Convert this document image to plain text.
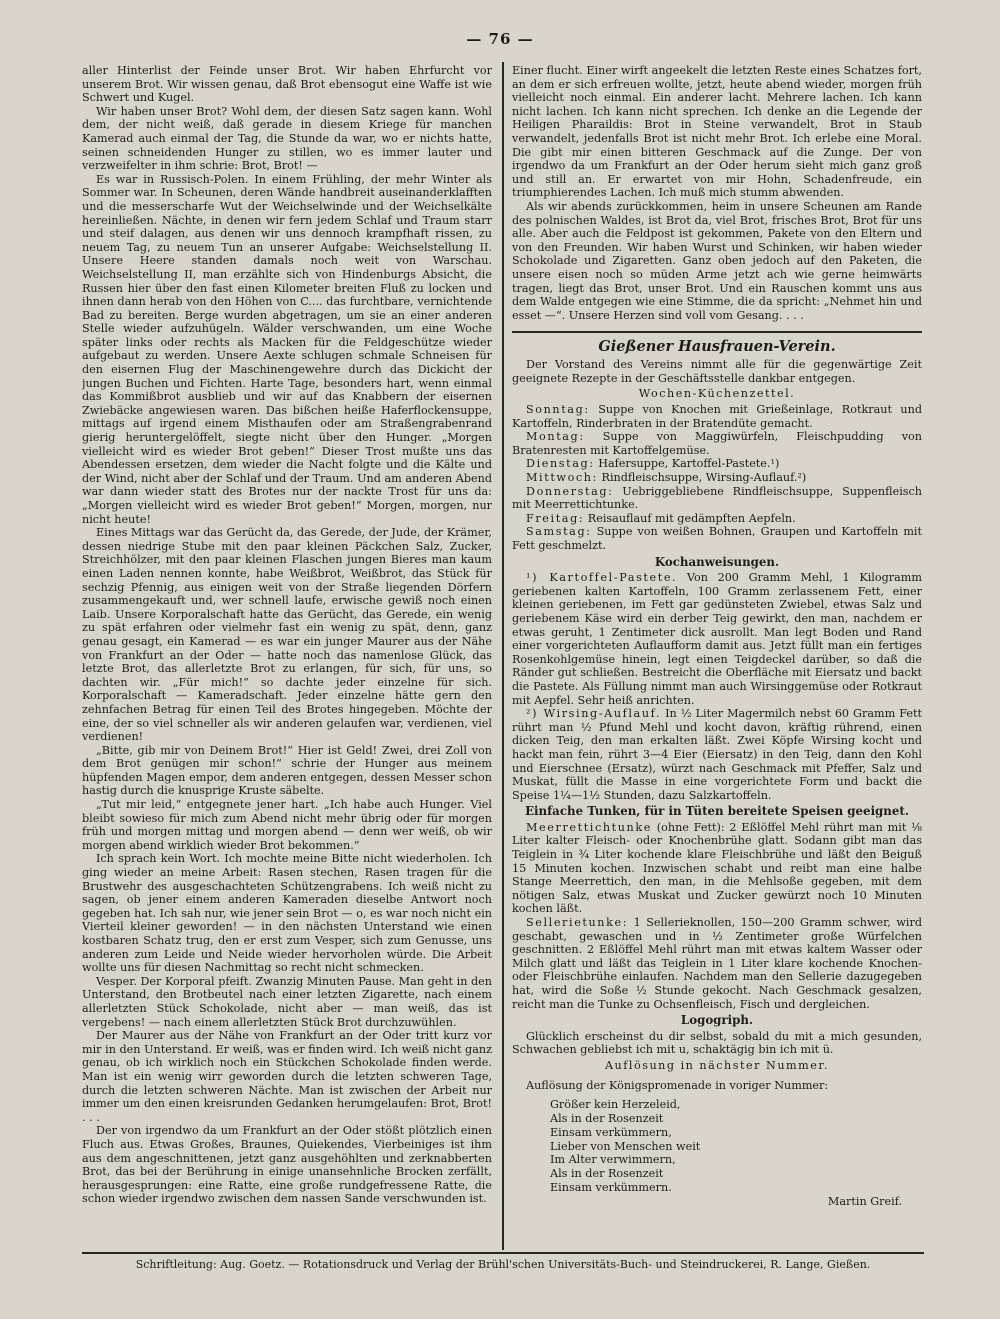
— 76 —

aller Hinterlist der Feinde unser Brot. Wir haben Ehrfurcht vor unserem Brot. Wir wissen genau, daß Brot ebensogut eine Waffe ist wie Schwert und Kugel.

Wir haben unser Brot? Wohl dem, der diesen Satz sagen kann. Wohl dem, der nicht weiß, daß gerade in diesem Kriege für manchen Kamerad auch einmal der Tag, die Stunde da war, wo er nichts hatte, seinen schneidenden Hunger zu stillen, wo es immer lauter und verzweifelter in ihm schrie: Brot, Brot! —

Es war in Russisch-Polen. In einem Frühling, der mehr Winter als Sommer war. In Scheunen, deren Wände handbreit auseinanderklafften und die messerscharfe Wut der Weichselwinde und der Weichselkälte hereinließen. Nächte, in denen wir fern jedem Schlaf und Traum starr und steif dalagen, aus denen wir uns dennoch krampfhaft rissen, zu neuem Tag, zu neuem Tun an unserer Aufgabe: Weichselstellung II. Unsere Heere standen damals noch weit von Warschau. Weichselstellung II, man erzählte sich von Hindenburgs Absicht, die Russen hier über den fast einen Kilometer breiten Fluß zu locken und ihnen dann herab von den Höhen von C.... das furchtbare, vernichtende Bad zu bereiten. Berge wurden abgetragen, um sie an einer anderen Stelle wieder aufzuhügeln. Wälder verschwanden, um eine Woche später links oder rechts als Macken für die Feldgeschütze wieder aufgebaut zu werden. Unsere Aexte schlugen schmale Schneisen für den eisernen Flug der Maschinengewehre durch das Dickicht der jungen Buchen und Fichten. Harte Tage, besonders hart, wenn einmal das Kommißbrot ausblieb und wir auf das Knabbern der eisernen Zwiebäcke angewiesen waren. Das bißchen heiße Haferflockensuppe, mittags auf irgend einem Misthaufen oder am Straßengrabenrand gierig heruntergelöffelt, siegte nicht über den Hunger. „Morgen vielleicht wird es wieder Brot geben!“ Dieser Trost mußte uns das Abendessen ersetzen, dem wieder die Nacht folgte und die Kälte und der Wind, nicht aber der Schlaf und der Traum. Und am anderen Abend war dann wieder statt des Brotes nur der nackte Trost für uns da: „Morgen vielleicht wird es wieder Brot geben!“ Morgen, morgen, nur nicht heute!

Eines Mittags war das Gerücht da, das Gerede, der Jude, der Krämer, dessen niedrige Stube mit den paar kleinen Päckchen Salz, Zucker, Streichhölzer, mit den paar kleinen Flaschen jungen Bieres man kaum einen Laden nennen konnte, habe Weißbrot, Weißbrot, das Stück für sechzig Pfennig, aus einigen weit von der Straße liegenden Dörfern zusammengekauft und, wer schnell laufe, erwische gewiß noch einen Laib. Unsere Korporalschaft hatte das Gerücht, das Gerede, ein wenig zu spät erfahren oder vielmehr fast ein wenig zu spät, denn, ganz genau gesagt, ein Kamerad — es war ein junger Maurer aus der Nähe von Frankfurt an der Oder — hatte noch das namenlose Glück, das letzte Brot, das allerletzte Brot zu erlangen, für sich, für uns, so dachten wir. „Für mich!“ so dachte jeder einzelne für sich. Korporalschaft — Kameradschaft. Jeder einzelne hätte gern den zehnfachen Betrag für einen Teil des Brotes hingegeben. Möchte der eine, der so viel schneller als wir anderen gelaufen war, verdienen, viel verdienen!

„Bitte, gib mir von Deinem Brot!“ Hier ist Geld! Zwei, drei Zoll von dem Brot genügen mir schon!“ schrie der Hunger aus meinem hüpfenden Magen empor, dem anderen entgegen, dessen Messer schon hastig durch die knusprige Kruste säbelte.

„Tut mir leid,“ entgegnete jener hart. „Ich habe auch Hunger. Viel bleibt sowieso für mich zum Abend nicht mehr übrig oder für morgen früh und morgen mittag und morgen abend — denn wer weiß, ob wir morgen abend wirklich wieder Brot bekommen.“

Ich sprach kein Wort. Ich mochte meine Bitte nicht wiederholen. Ich ging wieder an meine Arbeit: Rasen stechen, Rasen tragen für die Brustwehr des ausgeschachteten Schützengrabens. Ich weiß nicht zu sagen, ob jener einem anderen Kameraden dieselbe Antwort noch gegeben hat. Ich sah nur, wie jener sein Brot — o, es war noch nicht ein Vierteil kleiner geworden! — in den nächsten Unterstand wie einen kostbaren Schatz trug, den er erst zum Vesper, sich zum Genusse, uns anderen zum Leide und Neide wieder hervorholen würde. Die Arbeit wollte uns für diesen Nachmittag so recht nicht schmecken.

Vesper. Der Korporal pfeift. Zwanzig Minuten Pause. Man geht in den Unterstand, den Brotbeutel nach einer letzten Zigarette, nach einem allerletzten Stück Schokolade, nicht aber — man weiß, das ist vergebens! — nach einem allerletzten Stück Brot durchzuwühlen.

Der Maurer aus der Nähe von Frankfurt an der Oder tritt kurz vor mir in den Unterstand. Er weiß, was er finden wird. Ich weiß nicht ganz genau, ob ich wirklich noch ein Stückchen Schokolade finden werde. Man ist ein wenig wirr geworden durch die letzten schweren Tage, durch die letzten schweren Nächte. Man ist zwischen der Arbeit nur immer um den einen kreisrunden Gedanken herumgelaufen: Brot, Brot! . . .

Der von irgendwo da um Frankfurt an der Oder stößt plötzlich einen Fluch aus. Etwas Großes, Braunes, Quiekendes, Vierbeiniges ist ihm aus dem angeschnittenen, jetzt ganz ausgehöhlten und zerknabberten Brot, das bei der Berührung in einige unansehnliche Brocken zerfällt, herausgesprungen: eine Ratte, eine große rundgefressene Ratte, die schon wieder irgendwo zwischen dem nassen Sande verschwunden ist.

Einer flucht. Einer wirft angeekelt die letzten Reste eines Schatzes fort, an dem er sich erfreuen wollte, jetzt, heute abend wieder, morgen früh vielleicht noch einmal. Ein anderer lacht. Mehrere lachen. Ich kann nicht lachen. Ich kann nicht sprechen. Ich denke an die Legende der Heiligen Pharaildis: Brot in Steine verwandelt, Brot in Staub verwandelt, jedenfalls Brot ist nicht mehr Brot. Ich erlebe eine Moral. Die gibt mir einen bitteren Geschmack auf die Zunge. Der von irgendwo da um Frankfurt an der Oder herum sieht mich ganz groß und still an. Er erwartet von mir Hohn, Schadenfreude, ein triumphierendes Lachen. Ich muß mich stumm abwenden.

Als wir abends zurückkommen, heim in unsere Scheunen am Rande des polnischen Waldes, ist Brot da, viel Brot, frisches Brot, Brot für uns alle. Aber auch die Feldpost ist gekommen, Pakete von den Eltern und von den Freunden. Wir haben Wurst und Schinken, wir haben wieder Schokolade und Zigaretten. Ganz oben jedoch auf den Paketen, die unsere eisen noch so müden Arme jetzt ach wie gerne heimwärts tragen, liegt das Brot, unser Brot. Und ein Rauschen kommt uns aus dem Walde entgegen wie eine Stimme, die da spricht: „Nehmet hin und esset —“. Unsere Herzen sind voll vom Gesang. . . .

Gießener Hausfrauen-Verein.

Der Vorstand des Vereins nimmt alle für die gegenwärtige Zeit geeignete Rezepte in der Geschäftsstelle dankbar entgegen.

Wochen-Küchenzettel.

Sonntag: Suppe von Knochen mit Grießeinlage, Rotkraut und Kartoffeln, Rinderbraten in der Bratendüte gemacht.

Montag: Suppe von Maggiwürfeln, Fleischpudding von Bratenresten mit Kartoffelgemüse.

Dienstag: Hafersuppe, Kartoffel-Pastete.¹)

Mittwoch: Rindfleischsuppe, Wirsing-Auflauf.²)

Donnerstag: Uebriggebliebene Rindfleischsuppe, Suppenfleisch mit Meerrettichtunke.

Freitag: Reisauflauf mit gedämpften Aepfeln.

Samstag: Suppe von weißen Bohnen, Graupen und Kartoffeln mit Fett geschmelzt.

Kochanweisungen.

¹) Kartoffel-Pastete. Von 200 Gramm Mehl, 1 Kilogramm geriebenen kalten Kartoffeln, 100 Gramm zerlassenem Fett, einer kleinen geriebenen, im Fett gar gedünsteten Zwiebel, etwas Salz und geriebenem Käse wird ein derber Teig gewirkt, den man, nachdem er etwas geruht, 1 Zentimeter dick ausrollt. Man legt Boden und Rand einer vorgerichteten Auflaufform damit aus. Jetzt füllt man ein fertiges Rosenkohlgemüse hinein, legt einen Teigdeckel darüber, so daß die Ränder gut schließen. Bestreicht die Oberfläche mit Eiersatz und backt die Pastete. Als Füllung nimmt man auch Wirsinggemüse oder Rotkraut mit Aepfel. Sehr heiß anrichten.

²) Wirsing-Auflauf. In ½ Liter Magermilch nebst 60 Gramm Fett rührt man ½ Pfund Mehl und kocht davon, kräftig rührend, einen dicken Teig, den man erkalten läßt. Zwei Köpfe Wirsing kocht und hackt man fein, rührt 3—4 Eier (Eiersatz) in den Teig, dann den Kohl und Eierschnee (Ersatz), würzt nach Geschmack mit Pfeffer, Salz und Muskat, füllt die Masse in eine vorgerichtete Form und backt die Speise 1¼—1½ Stunden, dazu Salzkartoffeln.

Einfache Tunken, für in Tüten bereitete Speisen geeignet.

Meerrettichtunke (ohne Fett): 2 Eßlöffel Mehl rührt man mit ⅛ Liter kalter Fleisch- oder Knochenbrühe glatt. Sodann gibt man das Teiglein in ¾ Liter kochende klare Fleischbrühe und läßt den Beiguß 15 Minuten kochen. Inzwischen schabt und reibt man eine halbe Stange Meerrettich, den man, in die Mehlsoße gegeben, mit dem nötigen Salz, etwas Muskat und Zucker gewürzt noch 10 Minuten kochen läßt.

Sellerietunke: 1 Sellerieknollen, 150—200 Gramm schwer, wird geschabt, gewaschen und in ½ Zentimeter große Würfelchen geschnitten. 2 Eßlöffel Mehl rührt man mit etwas kaltem Wasser oder Milch glatt und läßt das Teiglein in 1 Liter klare kochende Knochen- oder Fleischbrühe einlaufen. Nachdem man den Sellerie dazugegeben hat, wird die Soße ½ Stunde gekocht. Nach Geschmack gesalzen, reicht man die Tunke zu Ochsenfleisch, Fisch und dergleichen.

Logogriph.

Glücklich erscheinst du dir selbst, sobald du mit a mich gesunden, Schwachen gebliebst ich mit u, schaktägig bin ich mit ü.

Auflösung in nächster Nummer.

Auflösung der Königspromenade in voriger Nummer:

Größer kein Herzeleid,
Als in der Rosenzeit
Einsam verkümmern,
Lieber von Menschen weit
Im Alter verwimmern,
Als in der Rosenzeit
Einsam verkümmern.
Martin Greif.
Schriftleitung: Aug. Goetz. — Rotationsdruck und Verlag der Brühl'schen Universitäts-Buch- und Steindruckerei, R. Lange, Gießen.
